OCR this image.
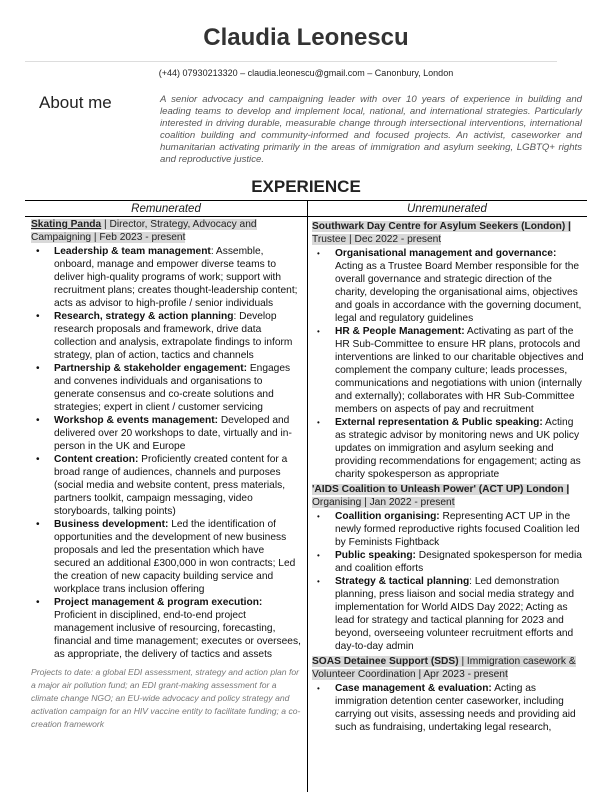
Claudia Leonescu
(+44) 07930213320 – claudia.leonescu@gmail.com – Canonbury, London
About me	A senior advocacy and campaigning leader with over 10 years of experience in building and leading teams to develop and implement local, national, and international strategies. Particularly interested in driving durable, measurable change through intersectional interventions, international coalition building and community-informed and focused projects. An activist, caseworker and humanitarian activating primarily in the areas of immigration and asylum seeking, LGBTQ+ rights and reproductive justice.
EXPERIENCE
Remunerated	Unremunerated
Skating Panda | Director, Strategy, Advocacy and Campaigning | Feb 2023 - present
• Leadership & team management: Assemble, onboard, manage and empower diverse teams to deliver high-quality programs of work; support with recruitment plans; creates thought-leadership content; acts as advisor to high-profile / senior individuals
• Research, strategy & action planning: Develop research proposals and framework, drive data collection and analysis, extrapolate findings to inform strategy, plan of action, tactics and channels
• Partnership & stakeholder engagement: Engages and convenes individuals and organisations to generate consensus and co-create solutions and strategies; expert in client / customer servicing
• Workshop & events management: Developed and delivered over 20 workshops to date, virtually and in-person in the UK and Europe
• Content creation: Proficiently created content for a broad range of audiences, channels and purposes (social media and website content, press materials, partners toolkit, campaign messaging, video storyboards, talking points)
• Business development: Led the identification of opportunities and the development of new business proposals and led the presentation which have secured an additional £300,000 in won contracts; Led the creation of new capacity building service and workplace trans inclusion offering
• Project management & program execution: Proficient in disciplined, end-to-end project management inclusive of resourcing, forecasting, financial and time management; executes or oversees, as appropriate, the delivery of tactics and assets
Projects to date: a global EDI assessment, strategy and action plan for a major air pollution fund; an EDI grant-making assessment for a climate change NGO; an EU-wide advocacy and policy strategy and activation campaign for an HIV vaccine entity to facilitate funding; a co-creation framework
Southwark Day Centre for Asylum Seekers (London) | Trustee | Dec 2022 - present
• Organisational management and governance: Acting as a Trustee Board Member responsible for the overall governance and strategic direction of the charity, developing the organisational aims, objectives and goals in accordance with the governing document, legal and regulatory guidelines
• HR & People Management: Activating as part of the HR Sub-Committee to ensure HR plans, protocols and interventions are linked to our charitable objectives and complement the company culture; leads processes, communications and negotiations with union (internally and externally); collaborates with HR Sub-Committee members on aspects of pay and recruitment
• External representation & Public speaking: Acting as strategic advisor by monitoring news and UK policy updates on immigration and asylum seeking and providing recommendations for engagement; acting as charity spokesperson as appropriate
'AIDS Coalition to Unleash Power' (ACT UP) London | Organising | Jan 2022 - present
• Coallition organising: Representing ACT UP in the newly formed reproductive rights focused Coalition led by Feminists Fightback
• Public speaking: Designated spokesperson for media and coalition efforts
• Strategy & tactical planning: Led demonstration planning, press liaison and social media strategy and implementation for World AIDS Day 2022; Acting as lead for strategy and tactical planning for 2023 and beyond, overseeing volunteer recruitment efforts and day-to-day admin
SOAS Detainee Support (SDS) | Immigration casework & Volunteer Coordination | Apr 2023 - present
• Case management & evaluation: Acting as immigration detention center caseworker, including carrying out visits, assessing needs and providing aid such as fundraising, undertaking legal research,
